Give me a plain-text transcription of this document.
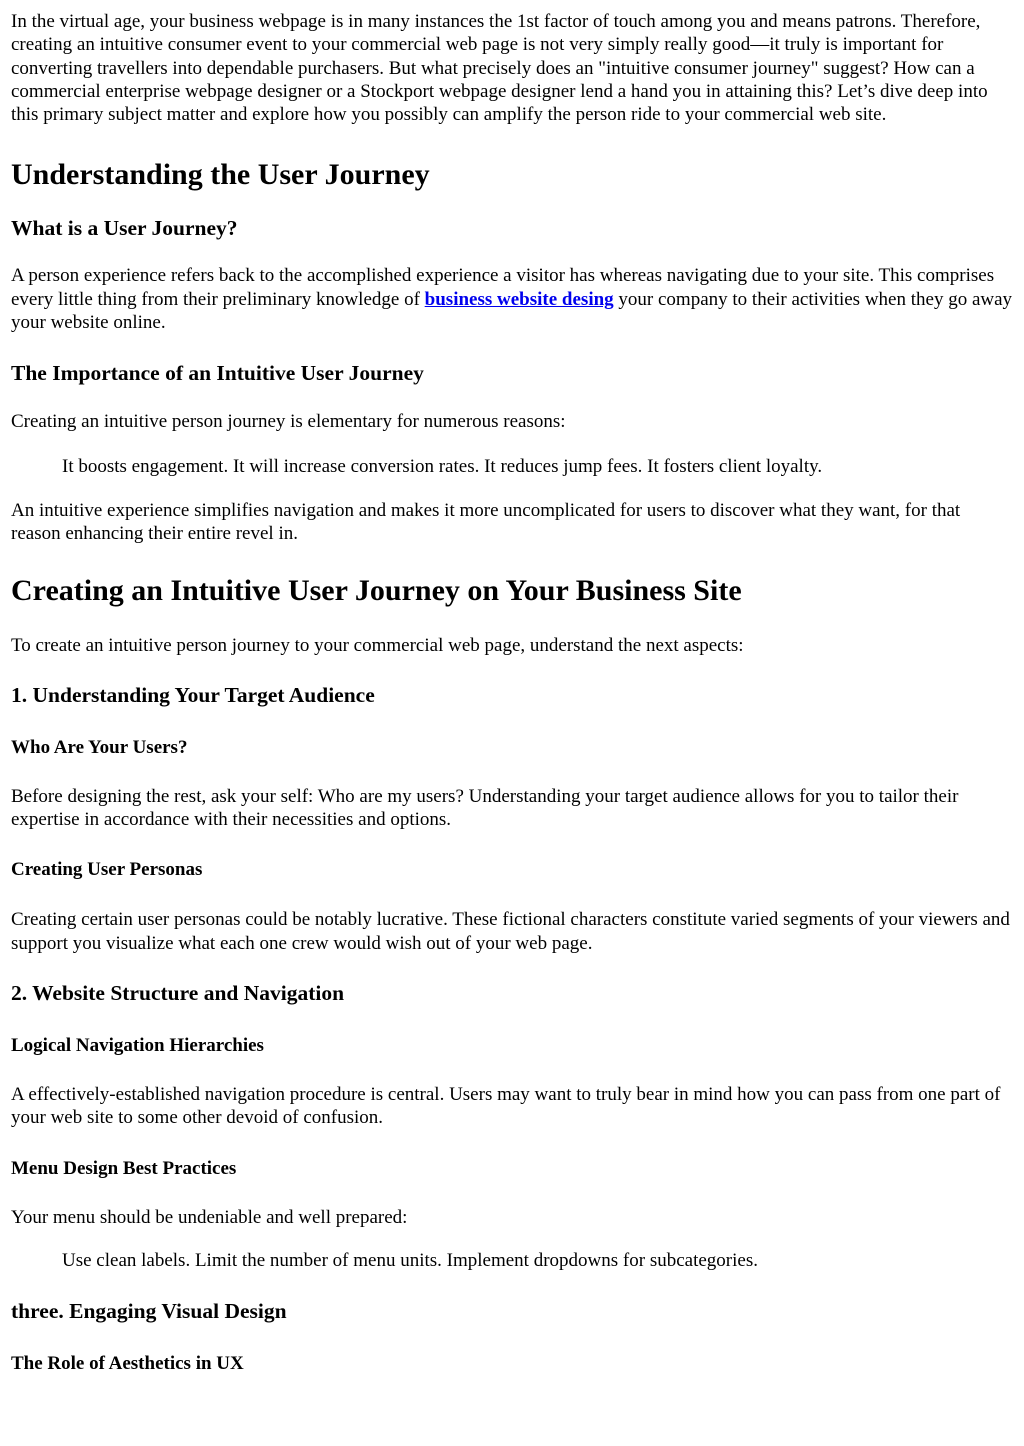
In the virtual age, your business webpage is in many instances the 1st factor of touch among you and means patrons. Therefore, creating an intuitive consumer event to your commercial web page is not very simply really good—it truly is important for converting travellers into dependable purchasers. But what precisely does an "intuitive consumer journey" suggest? How can a commercial enterprise webpage designer or a Stockport webpage designer lend a hand you in attaining this? Let’s dive deep into this primary subject matter and explore how you possibly can amplify the person ride to your commercial web site.

Understanding the User Journey
What is a User Journey?

A person experience refers back to the accomplished experience a visitor has whereas navigating due to your site. This comprises every little thing from their preliminary knowledge of business website desing your company to their activities when they go away your website online.

The Importance of an Intuitive User Journey

Creating an intuitive person journey is elementary for numerous reasons:

It boosts engagement. It will increase conversion rates. It reduces jump fees. It fosters client loyalty.

An intuitive experience simplifies navigation and makes it more uncomplicated for users to discover what they want, for that reason enhancing their entire revel in.

Creating an Intuitive User Journey on Your Business Site

To create an intuitive person journey to your commercial web page, understand the next aspects:

1. Understanding Your Target Audience
Who Are Your Users?

Before designing the rest, ask your self: Who are my users? Understanding your target audience allows for you to tailor their expertise in accordance with their necessities and options.

Creating User Personas

Creating certain user personas could be notably lucrative. These fictional characters constitute varied segments of your viewers and support you visualize what each one crew would wish out of your web page.

2. Website Structure and Navigation
Logical Navigation Hierarchies

A effectively-established navigation procedure is central. Users may want to truly bear in mind how you can pass from one part of your web site to some other devoid of confusion.

Menu Design Best Practices

Your menu should be undeniable and well prepared:

Use clean labels. Limit the number of menu units. Implement dropdowns for subcategories.

three. Engaging Visual Design
The Role of Aesthetics in UX
